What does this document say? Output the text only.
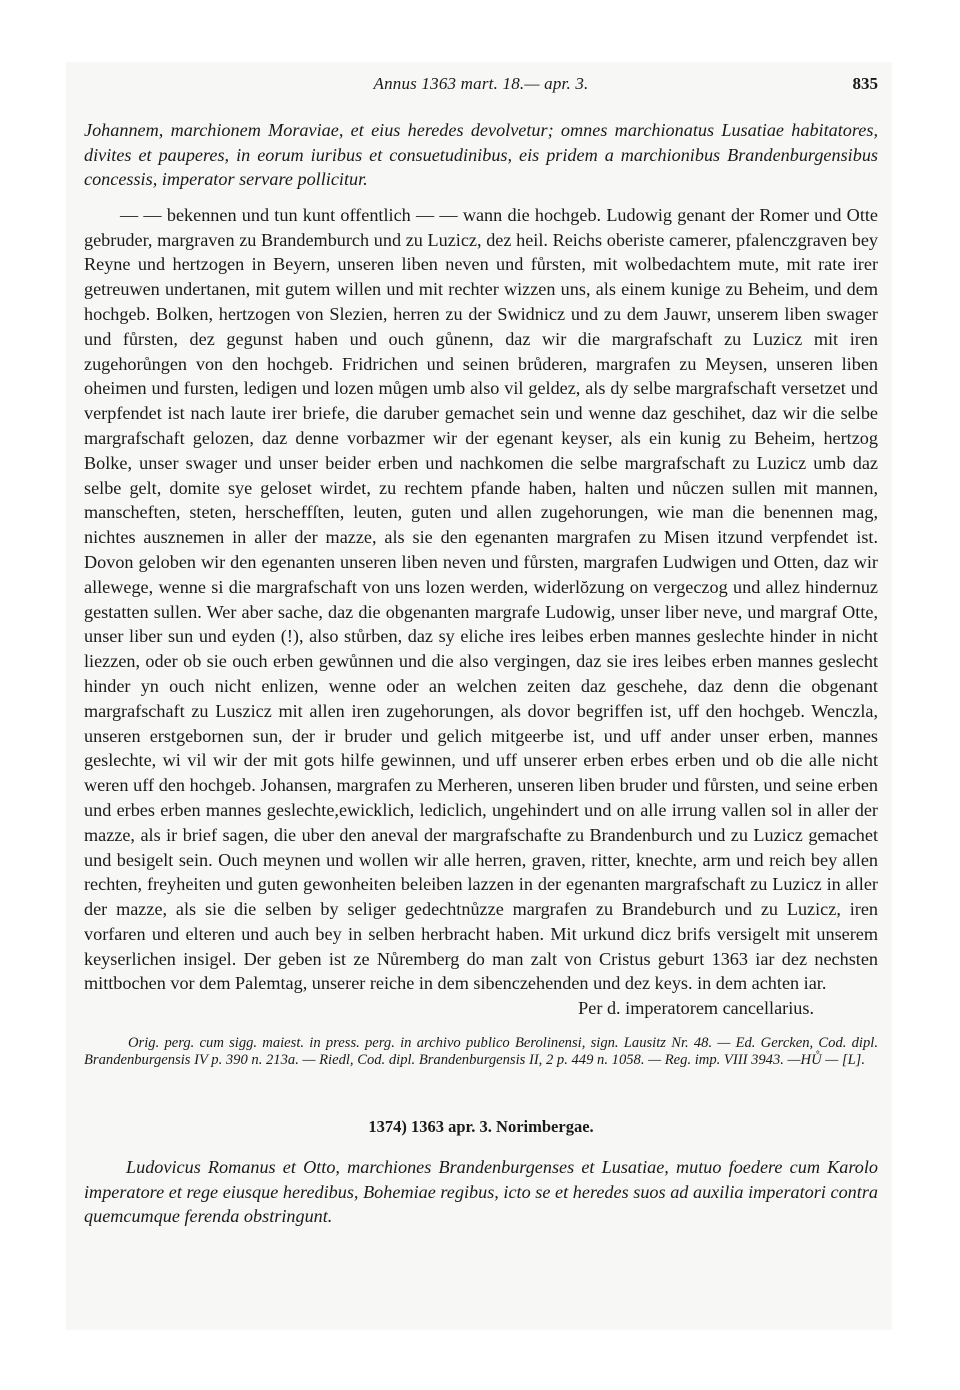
Annus 1363 mart. 18.— apr. 3.	835

Johannem, marchionem Moraviae, et eius heredes devolvetur; omnes marchionatus Lusatiae habitatores, divites et pauperes, in eorum iuribus et consuetudinibus, eis pridem a marchionibus Brandenburgensibus concessis, imperator servare pollicitur.

— — bekennen und tun kunt offentlich — — wann die hochgeb. Ludowig genant der Romer und Otte gebruder, margraven zu Brandemburch und zu Luzicz, dez heil. Reichs oberiste camerer, pfalenczgraven bey Reyne und hertzogen in Beyern, unseren liben neven und fůrsten, mit wolbedachtem mute, mit rate irer getreuwen undertanen, mit gutem willen und mit rechter wizzen uns, als einem kunige zu Beheim, und dem hochgeb. Bolken, hertzogen von Slezien, herren zu der Swidnicz und zu dem Jauwr, unserem liben swager und fůrsten, dez gegunst haben und ouch gůnenn, daz wir die margrafschaft zu Luzicz mit iren zugehorůngen von den hochgeb. Fridrichen und seinen brůderen, margrafen zu Meysen, unseren liben oheimen und fursten, ledigen und lozen můgen umb also vil geldez, als dy selbe margrafschaft versetzet und verpfendet ist nach laute irer briefe, die daruber gemachet sein und wenne daz geschihet, daz wir die selbe margrafschaft gelozen, daz denne vorbazmer wir der egenant keyser, als ein kunig zu Beheim, hertzog Bolke, unser swager und unser beider erben und nachkomen die selbe margrafschaft zu Luzicz umb daz selbe gelt, domite sye geloset wirdet, zu rechtem pfande haben, halten und nůczen sullen mit mannen, manscheften, steten, herscheffſten, leuten, guten und allen zugehorungen, wie man die benennen mag, nichtes ausznemen in aller der mazze, als sie den egenanten margrafen zu Misen itzund verpfendet ist. Dovon geloben wir den egenanten unseren liben neven und fůrsten, margrafen Ludwigen und Otten, daz wir allewege, wenne si die margrafschaft von uns lozen werden, widerlŏzung on vergeczog und allez hindernuz gestatten sullen. Wer aber sache, daz die obgenanten margrafe Ludowig, unser liber neve, und margraf Otte, unser liber sun und eyden (!), also stůrben, daz sy eliche ires leibes erben mannes geslechte hinder in nicht liezzen, oder ob sie ouch erben gewůnnen und die also vergingen, daz sie ires leibes erben mannes geslecht hinder yn ouch nicht enlizen, wenne oder an welchen zeiten daz geschehe, daz denn die obgenant margrafschaft zu Luszicz mit allen iren zugehorungen, als dovor begriffen ist, uff den hochgeb. Wenczla, unseren erstgebornen sun, der ir bruder und gelich mitgeerbe ist, und uff ander unser erben, mannes geslechte, wi vil wir der mit gots hilfe gewinnen, und uff unserer erben erbes erben und ob die alle nicht weren uff den hochgeb. Johansen, margrafen zu Merheren, unseren liben bruder und fůrsten, und seine erben und erbes erben mannes geslechte,ewicklich, lediclich, ungehindert und on alle irrung vallen sol in aller der mazze, als ir brief sagen, die uber den aneval der margrafschafte zu Brandenburch und zu Luzicz gemachet und besigelt sein. Ouch meynen und wollen wir alle herren, graven, ritter, knechte, arm und reich bey allen rechten, freyheiten und guten gewonheiten beleiben lazzen in der egenanten margrafschaft zu Luzicz in aller der mazze, als sie die selben by seliger gedechtnůzze margrafen zu Brandeburch und zu Luzicz, iren vorfaren und elteren und auch bey in selben herbracht haben. Mit urkund dicz brifs versigelt mit unserem keyserlichen insigel. Der geben ist ze Nůremberg do man zalt von Cristus geburt 1363 iar dez nechsten mittbochen vor dem Palemtag, unserer reiche in dem sibenczehenden und dez keys. in dem achten iar.

Per d. imperatorem cancellarius.

Orig. perg. cum sigg. maiest. in press. perg. in archivo publico Berolinensi, sign. Lausitz Nr. 48. — Ed. Gercken, Cod. dipl. Brandenburgensis IV p. 390 n. 213a. — Riedl, Cod. dipl. Brandenburgensis II, 2 p. 449 n. 1058. — Reg. imp. VIII 3943. —HŮ — [L].

1374) 1363 apr. 3. Norimbergae.

Ludovicus Romanus et Otto, marchiones Brandenburgenses et Lusatiae, mutuo foedere cum Karolo imperatore et rege eiusque heredibus, Bohemiae regibus, icto se et heredes suos ad auxilia imperatori contra quemcumque ferenda obstringunt.
